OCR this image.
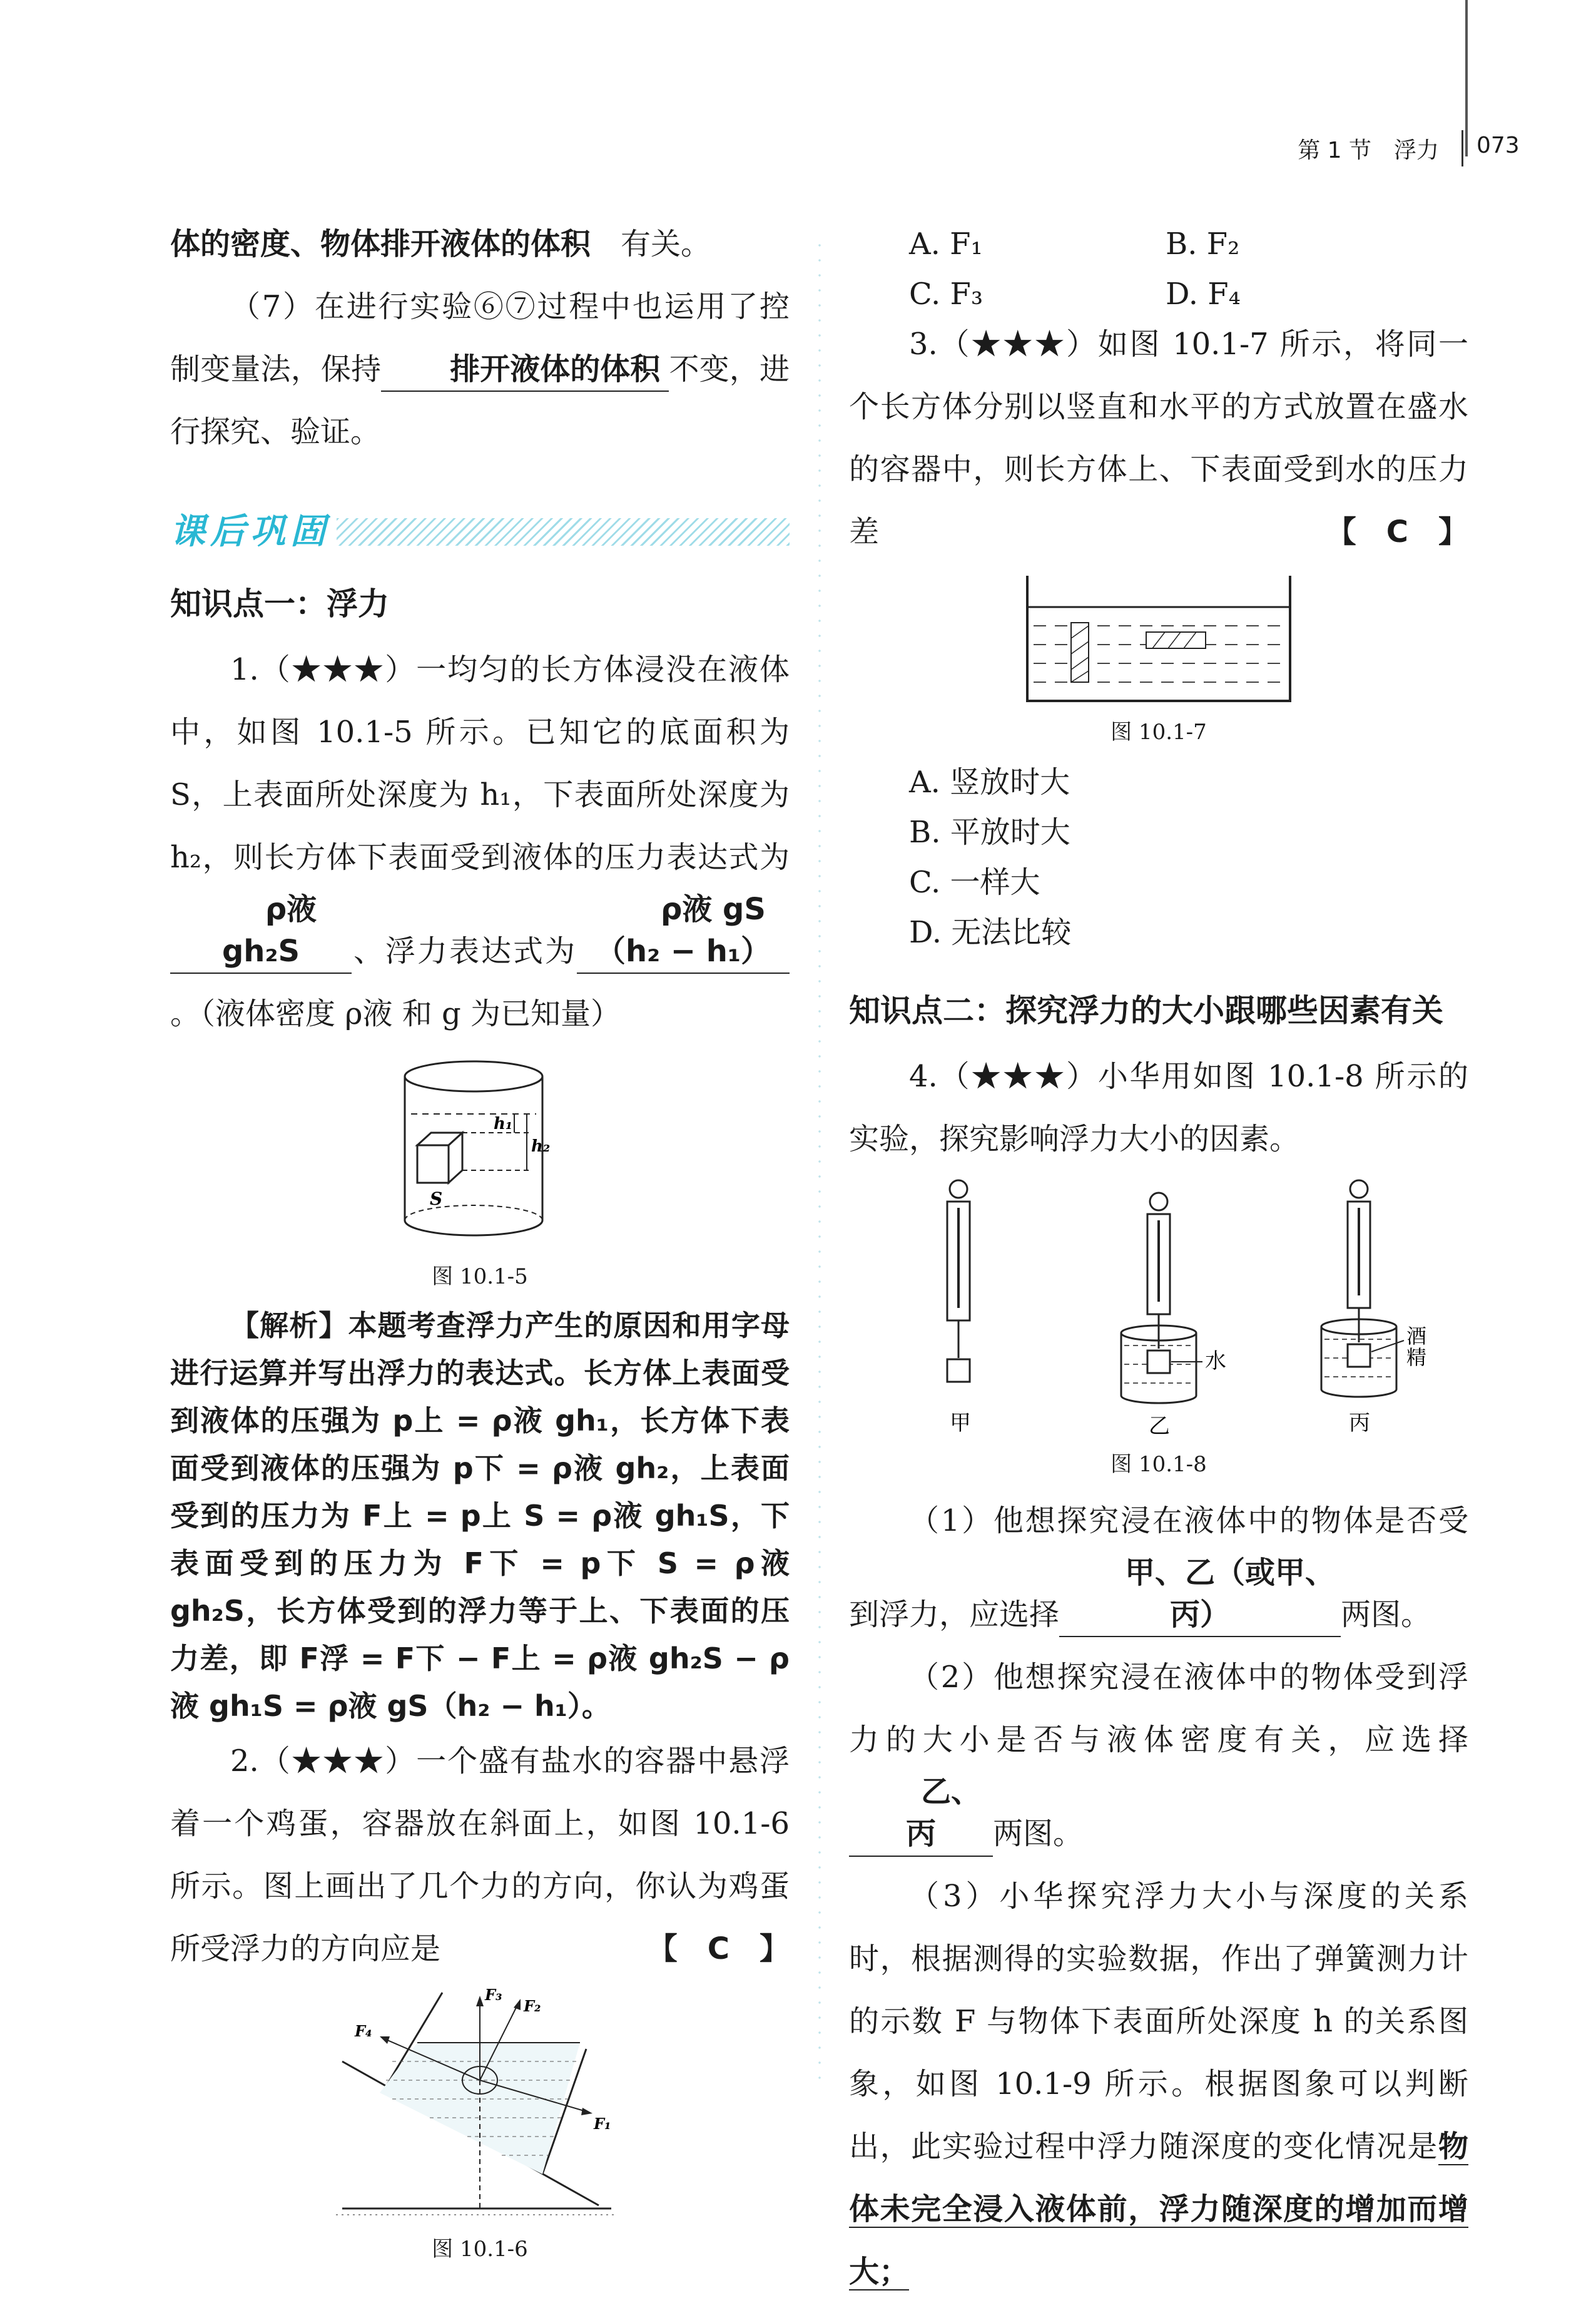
第 1 节　浮力 073

体的密度、物体排开液体的体积 有关。

（7）在进行实验⑥⑦过程中也运用了控制变量法，保持 排开液体的体积 不变，进行探究、验证。

课后巩固
知识点一：浮力

1.（★★★）一均匀的长方体浸没在液体中，如图 10.1-5 所示。已知它的底面积为 S，上表面所处深度为 h₁，下表面所处深度为 h₂，则长方体下表面受到液体的压力表达式为ρ液 gh₂S 、浮力表达式为ρ液 gS（h₂ − h₁）。（液体密度 ρ液 和 g 为已知量）

h₁
h₂
S
图 10.1-5

【解析】本题考查浮力产生的原因和用字母进行运算并写出浮力的表达式。长方体上表面受到液体的压强为 p上 = ρ液 gh₁，长方体下表面受到液体的压强为 p下 = ρ液 gh₂，上表面受到的压力为 F上 = p上 S = ρ液 gh₁S，下表面受到的压力为 F下 = p下 S = ρ液 gh₂S，长方体受到的浮力等于上、下表面的压力差，即 F浮 = F下 − F上 = ρ液 gh₂S − ρ液 gh₁S = ρ液 gS（h₂ − h₁）。

2.（★★★）一个盛有盐水的容器中悬浮着一个鸡蛋，容器放在斜面上，如图 10.1-6 所示。图上画出了几个力的方向，你认为鸡蛋所受浮力的方向应是	【　C　】

F₃
F₂
F₄
F₁
图 10.1-6
A. F₁	B. F₂
C. F₃	D. F₄

3.（★★★）如图 10.1-7 所示，将同一个长方体分别以竖直和水平的方式放置在盛水的容器中，则长方体上、下表面受到水的压力差	【　C　】

图 10.1-7
A. 竖放时大
B. 平放时大
C. 一样大
D. 无法比较
知识点二：探究浮力的大小跟哪些因素有关

4.（★★★）小华用如图 10.1-8 所示的实验，探究影响浮力大小的因素。

甲	乙	丙
水
酒
精
图 10.1-8

（1）他想探究浸在液体中的物体是否受到浮力，应选择甲、乙（或甲、丙）	两图。

（2）他想探究浸在液体中的物体受到浮力的大小是否与液体密度有关，应选择乙、丙 两图。

（3）小华探究浮力大小与深度的关系时，根据测得的实验数据，作出了弹簧测力计的示数 F 与物体下表面所处深度 h 的关系图象，如图 10.1-9 所示。根据图象可以判断出，此实验过程中浮力随深度的变化情况是物体未完全浸入液体前，浮力随深度的增加而增大；
